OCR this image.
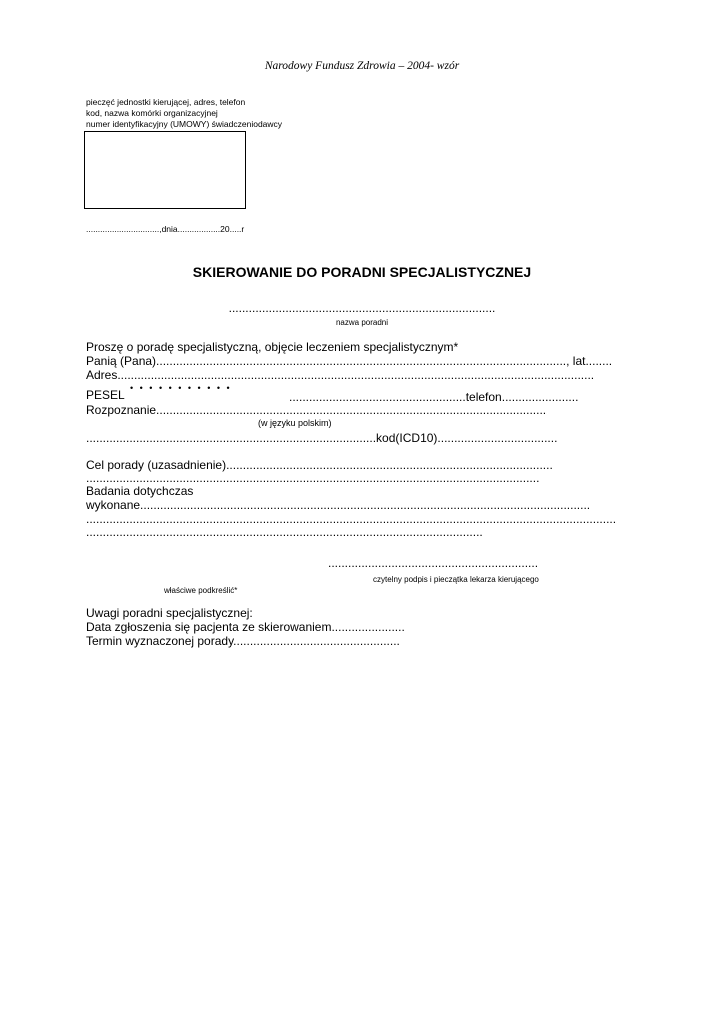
Narodowy Fundusz Zdrowia – 2004- wzór
pieczęć jednostki kierującej, adres, telefon
kod, nazwa komórki organizacyjnej
numer identyfikacyjny (UMOWY) świadczeniodawcy
...............................,dnia..................20.....r
SKIEROWANIE DO PORADNI SPECJALISTYCZNEJ
................................................................................
nazwa poradni
Proszę o poradę specjalistyczną, objęcie leczeniem specjalistycznym*
Panią (Pana)..........................................................................................................................., lat........
Adres...............................................................................................................................................
PESEL • • • • • • • • • • •
.....................................................telefon.......................
Rozpoznanie.....................................................................................................................
(w języku polskim)
.......................................................................................kod(ICD10)....................................
Cel porady (uzasadnienie)..................................................................................................
........................................................................................................................................
Badania dotychczas
wykonane.......................................................................................................................................
...............................................................................................................................................................
.......................................................................................................................
...............................................................
czytelny podpis i pieczątka lekarza kierującego
właściwe podkreślić*
Uwagi poradni specjalistycznej:
Data zgłoszenia się pacjenta ze skierowaniem......................
Termin wyznaczonej porady..................................................
